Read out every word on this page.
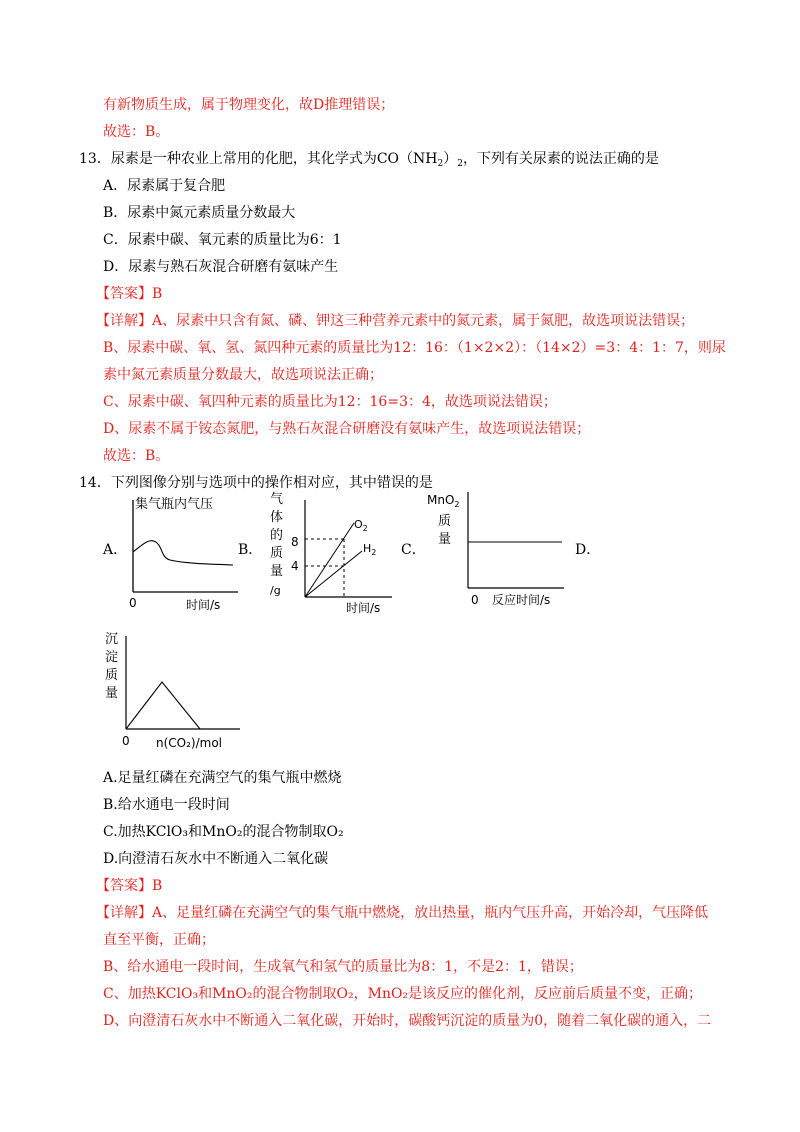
有新物质生成，属于物理变化，故D推理错误；
故选：B。
13．尿素是一种农业上常用的化肥，其化学式为$CO(NH_2)_2$，下列有关尿素的说法正确的是
A．尿素属于复合肥
B．尿素中氮元素质量分数最大
C．尿素中碳、氧元素的质量比为6：1
D．尿素与熟石灰混合研磨有氨味产生
【答案】B
【详解】A、尿素中只含有氮、磷、钾这三种营养元素中的氮元素，属于氮肥，故选项说法错误；
B、尿素中碳、氧、氢、氮四种元素的质量比为12：16：（1×2×2）：（14×2）=3：4：1：7，则尿
素中氮元素质量分数最大，故选项说法正确；
C、尿素中碳、氧四种元素的质量比为12：16=3：4，故选项说法错误；
D、尿素不属于铵态氮肥，与熟石灰混合研磨没有氨味产生，故选项说法错误；
故选：B。
14．下列图像分别与选项中的操作相对应，其中错误的是
A．	B．	C．	D．
集气瓶内气压
0	时间/s
8
4
$O_2$
$H_2$
气
体
的
质
量
/g
时间/s
MnO$_2$
质
量
0 反应时间/s
沉
淀
质
量
0 n(CO₂)/mol
A.足量红磷在充满空气的集气瓶中燃烧
B.给水通电一段时间
C.加热KClO₃和MnO₂的混合物制取O₂
D.向澄清石灰水中不断通入二氧化碳
【答案】B
【详解】A、足量红磷在充满空气的集气瓶中燃烧，放出热量，瓶内气压升高，开始冷却，气压降低
直至平衡，正确；
B、给水通电一段时间，生成氧气和氢气的质量比为8：1，不是2：1，错误；
C、加热KClO₃和MnO₂的混合物制取O₂，MnO₂是该反应的催化剂，反应前后质量不变，正确；
D、向澄清石灰水中不断通入二氧化碳，开始时，碳酸钙沉淀的质量为0，随着二氧化碳的通入，二
